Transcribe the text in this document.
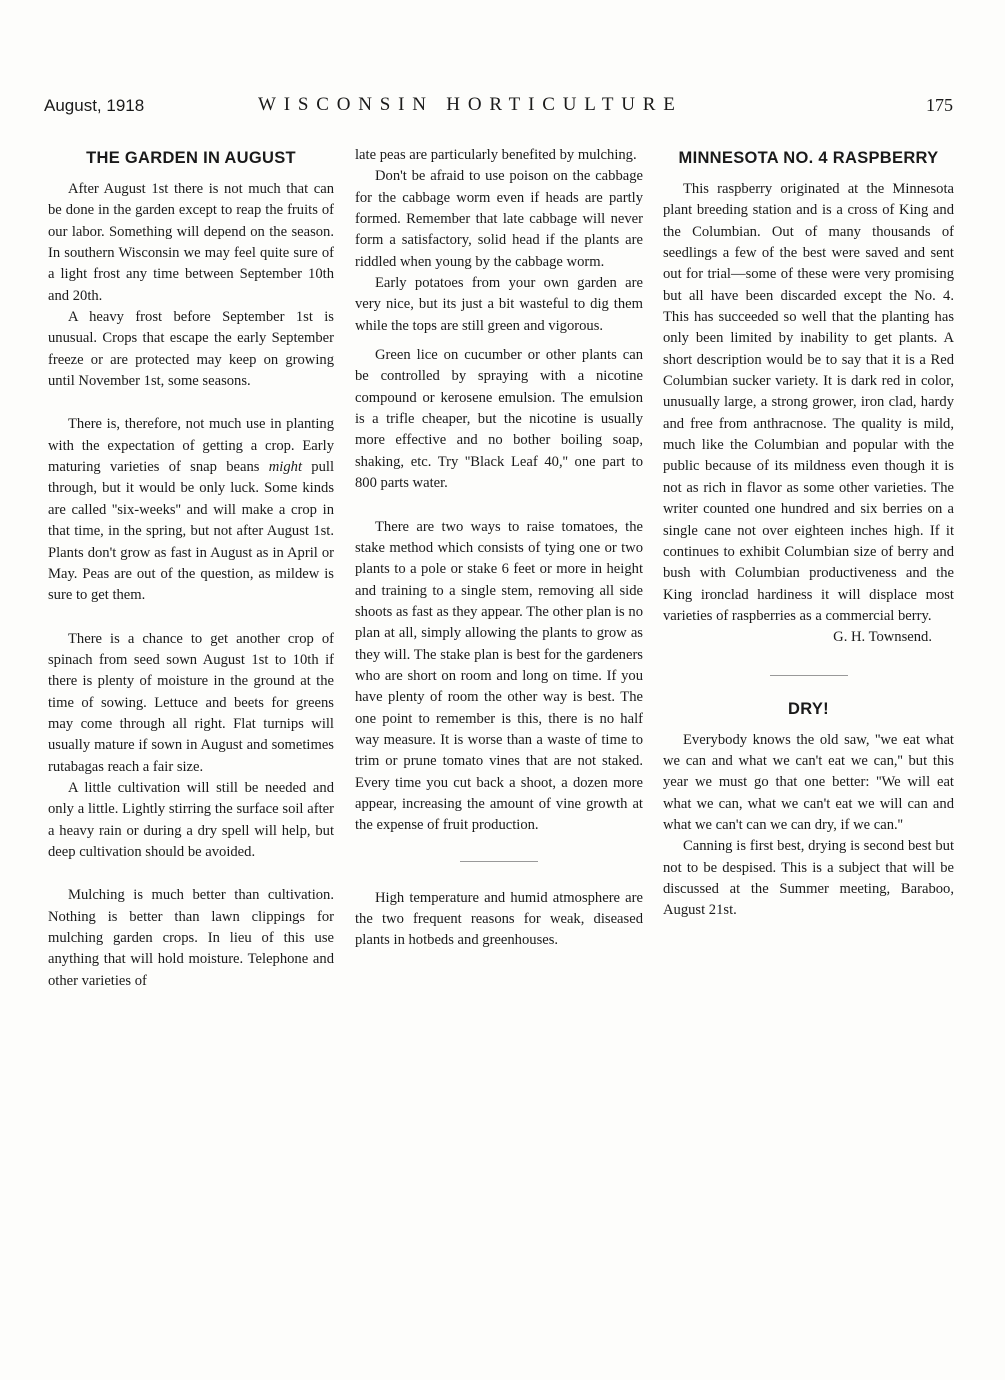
August, 1918	WISCONSIN HORTICULTURE	175
THE GARDEN IN AUGUST

After August 1st there is not much that can be done in the garden except to reap the fruits of our labor. Something will depend on the season. In southern Wisconsin we may feel quite sure of a light frost any time between September 10th and 20th.

A heavy frost before September 1st is unusual. Crops that escape the early September freeze or are protected may keep on growing until November 1st, some seasons.

There is, therefore, not much use in planting with the expectation of getting a crop. Early maturing varieties of snap beans might pull through, but it would be only luck. Some kinds are called ''six-weeks'' and will make a crop in that time, in the spring, but not after August 1st. Plants don't grow as fast in August as in April or May. Peas are out of the question, as mildew is sure to get them.

There is a chance to get another crop of spinach from seed sown August 1st to 10th if there is plenty of moisture in the ground at the time of sowing. Lettuce and beets for greens may come through all right. Flat turnips will usually mature if sown in August and sometimes rutabagas reach a fair size.

A little cultivation will still be needed and only a little. Lightly stirring the surface soil after a heavy rain or during a dry spell will help, but deep cultivation should be avoided.

Mulching is much better than cultivation. Nothing is better than lawn clippings for mulching garden crops. In lieu of this use anything that will hold moisture. Telephone and other varieties of

late peas are particularly benefited by mulching.

Don't be afraid to use poison on the cabbage for the cabbage worm even if heads are partly formed. Remember that late cabbage will never form a satisfactory, solid head if the plants are riddled when young by the cabbage worm.

Early potatoes from your own garden are very nice, but its just a bit wasteful to dig them while the tops are still green and vigorous.

Green lice on cucumber or other plants can be controlled by spraying with a nicotine compound or kerosene emulsion. The emulsion is a trifle cheaper, but the nicotine is usually more effective and no bother boiling soap, shaking, etc. Try ''Black Leaf 40,'' one part to 800 parts water.

There are two ways to raise tomatoes, the stake method which consists of tying one or two plants to a pole or stake 6 feet or more in height and training to a single stem, removing all side shoots as fast as they appear. The other plan is no plan at all, simply allowing the plants to grow as they will. The stake plan is best for the gardeners who are short on room and long on time. If you have plenty of room the other way is best. The one point to remember is this, there is no half way measure. It is worse than a waste of time to trim or prune tomato vines that are not staked. Every time you cut back a shoot, a dozen more appear, increasing the amount of vine growth at the expense of fruit production.

High temperature and humid atmosphere are the two frequent reasons for weak, diseased plants in hotbeds and greenhouses.

MINNESOTA NO. 4 RASPBERRY

This raspberry originated at the Minnesota plant breeding station and is a cross of King and the Columbian. Out of many thousands of seedlings a few of the best were saved and sent out for trial—some of these were very promising but all have been discarded except the No. 4. This has succeeded so well that the planting has only been limited by inability to get plants. A short description would be to say that it is a Red Columbian sucker variety. It is dark red in color, unusually large, a strong grower, iron clad, hardy and free from anthracnose. The quality is mild, much like the Columbian and popular with the public because of its mildness even though it is not as rich in flavor as some other varieties. The writer counted one hundred and six berries on a single cane not over eighteen inches high. If it continues to exhibit Columbian size of berry and bush with Columbian productiveness and the King ironclad hardiness it will displace most varieties of raspberries as a commercial berry.

G. H. Townsend.

DRY!

Everybody knows the old saw, ''we eat what we can and what we can't eat we can,'' but this year we must go that one better: ''We will eat what we can, what we can't eat we will can and what we can't can we can dry, if we can.''

Canning is first best, drying is second best but not to be despised. This is a subject that will be discussed at the Summer meeting, Baraboo, August 21st.
